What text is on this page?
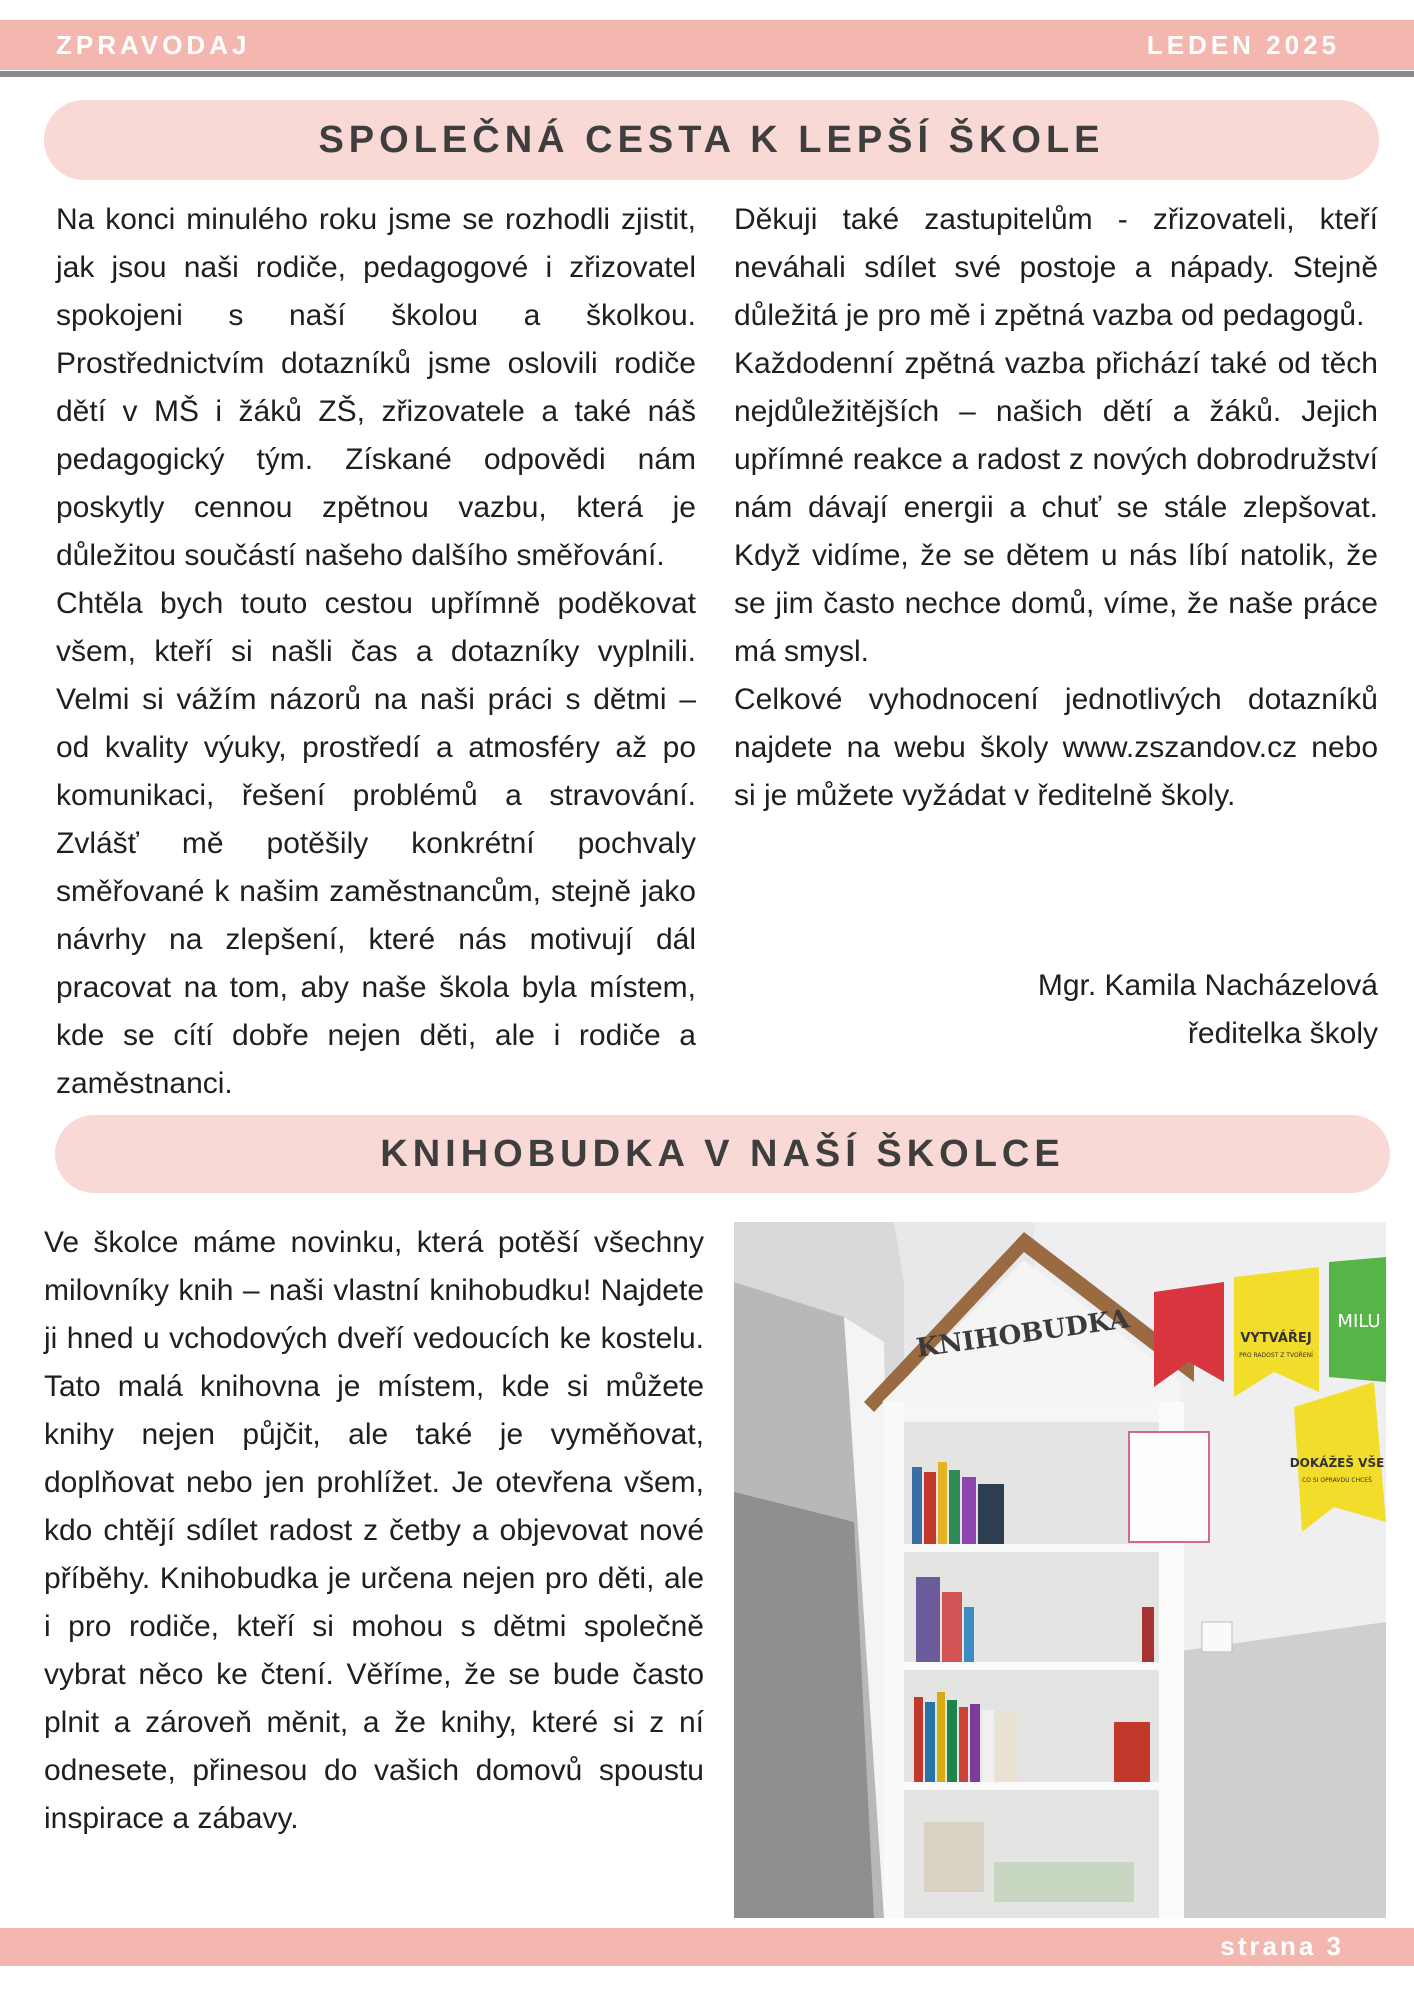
ZPRAVODAJ	LEDEN 2025
SPOLEČNÁ CESTA K LEPŠÍ ŠKOLE

Na konci minulého roku jsme se rozhodli zjistit, jak jsou naši rodiče, pedagogové i zřizovatel spokojeni s naší školou a školkou. Prostřednictvím dotazníků jsme oslovili rodiče dětí v MŠ i žáků ZŠ, zřizovatele a také náš pedagogický tým. Získané odpovědi nám poskytly cennou zpětnou vazbu, která je důležitou součástí našeho dalšího směřování.

Chtěla bych touto cestou upřímně poděkovat všem, kteří si našli čas a dotazníky vyplnili. Velmi si vážím názorů na naši práci s dětmi – od kvality výuky, prostředí a atmosféry až po komunikaci, řešení problémů a stravování. Zvlášť mě potěšily konkrétní pochvaly směřované k našim zaměstnancům, stejně jako návrhy na zlepšení, které nás motivují dál pracovat na tom, aby naše škola byla místem, kde se cítí dobře nejen děti, ale i rodiče a zaměstnanci.

Děkuji také zastupitelům - zřizovateli, kteří neváhali sdílet své postoje a nápady. Stejně důležitá je pro mě i zpětná vazba od pedagogů.

Každodenní zpětná vazba přichází také od těch nejdůležitějších – našich dětí a žáků. Jejich upřímné reakce a radost z nových dobrodružství nám dávají energii a chuť se stále zlepšovat. Když vidíme, že se dětem u nás líbí natolik, že se jim často nechce domů, víme, že naše práce má smysl.

Celkové vyhodnocení jednotlivých dotazníků najdete na webu školy www.zszandov.cz nebo si je můžete vyžádat v ředitelně školy.

Mgr. Kamila Nacházelová
ředitelka školy
KNIHOBUDKA V NAŠÍ ŠKOLCE

Ve školce máme novinku, která potěší všechny milovníky knih – naši vlastní knihobudku! Najdete ji hned u vchodových dveří vedoucích ke kostelu. Tato malá knihovna je místem, kde si můžete knihy nejen půjčit, ale také je vyměňovat, doplňovat nebo jen prohlížet. Je otevřena všem, kdo chtějí sdílet radost z četby a objevovat nové příběhy. Knihobudka je určena nejen pro děti, ale i pro rodiče, kteří si mohou s dětmi společně vybrat něco ke čtení. Věříme, že se bude často plnit a zároveň měnit, a že knihy, které si z ní odnesete, přinesou do vašich domovů spoustu inspirace a zábavy.

KNIHOBUDKA	VYTVÁŘEJ
PRO RADOST Z TVOŘENÍ
MILU
DOKÁŽEŠ VŠE
CO SI OPRAVDU CHCEŠ
strana 3
